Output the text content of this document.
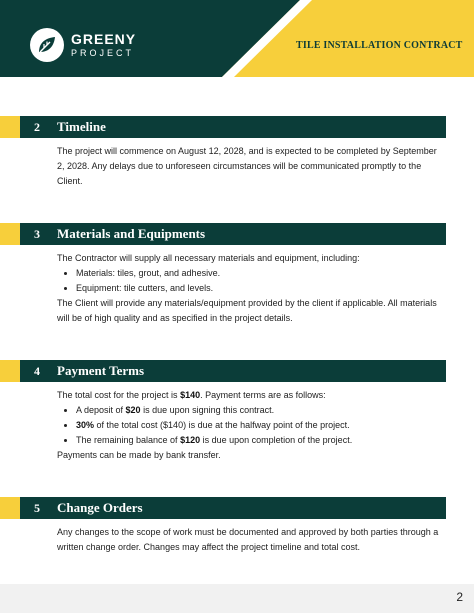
GREENY
PROJECT
TILE INSTALLATION CONTRACT
2 Timeline

The project will commence on August 12, 2028, and is expected to be completed by September 2, 2028. Any delays due to unforeseen circumstances will be communicated promptly to the Client.

3 Materials and Equipments

The Contractor will supply all necessary materials and equipment, including:

• Materials: tiles, grout, and adhesive.
• Equipment: tile cutters, and levels.

The Client will provide any materials/equipment provided by the client if applicable. All materials will be of high quality and as specified in the project details.

4 Payment Terms

The total cost for the project is $140. Payment terms are as follows:

• A deposit of $20 is due upon signing this contract.
• 30% of the total cost ($140) is due at the halfway point of the project.
• The remaining balance of $120 is due upon completion of the project.

Payments can be made by bank transfer.

5 Change Orders

Any changes to the scope of work must be documented and approved by both parties through a written change order. Changes may affect the project timeline and total cost.

2
